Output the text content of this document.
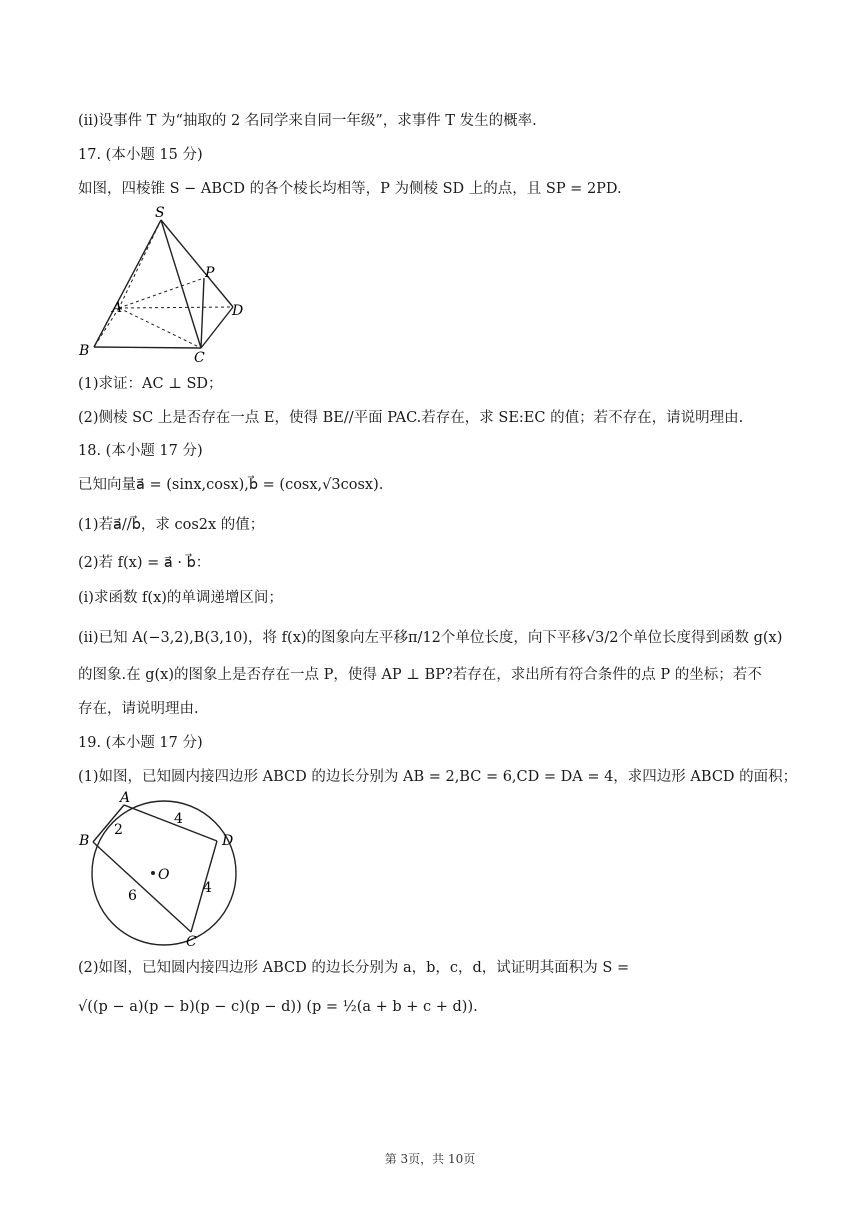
(ⅱ)设事件 T 为“抽取的 2 名同学来自同一年级”，求事件 T 发生的概率.
17. (本小题 15 分)
如图，四棱锥 S − ABCD 的各个棱长均相等，P 为侧棱 SD 上的点，且 SP = 2PD.
S
P
A	D
B	C
(1)求证：AC ⊥ SD；
(2)侧棱 SC 上是否存在一点 E，使得 BE//平面 PAC.若存在，求 SE:EC 的值；若不存在，请说明理由.
18. (本小题 17 分)
已知向量a⃗ = (sinx,cosx),b⃗ = (cosx,√3cosx).
(1)若a⃗//b⃗，求 cos2x 的值；
(2)若 f(x) = a⃗ · b⃗：
(i)求函数 f(x)的单调递增区间；
(ii)已知 A(−3,2),B(3,10)，将 f(x)的图象向左平移π/12个单位长度，向下平移√3/2个单位长度得到函数 g(x)
的图象.在 g(x)的图象上是否存在一点 P，使得 AP ⊥ BP?若存在，求出所有符合条件的点 P 的坐标；若不
存在，请说明理由.
19. (本小题 17 分)
(1)如图，已知圆内接四边形 ABCD 的边长分别为 AB = 2,BC = 6,CD = DA = 4，求四边形 ABCD 的面积；
A
B	D
C
O
2
4
4
6
(2)如图，已知圆内接四边形 ABCD 的边长分别为 a，b，c，d，试证明其面积为 S =
√((p − a)(p − b)(p − c)(p − d)) (p = ½(a + b + c + d)).
第 3页，共 10页
